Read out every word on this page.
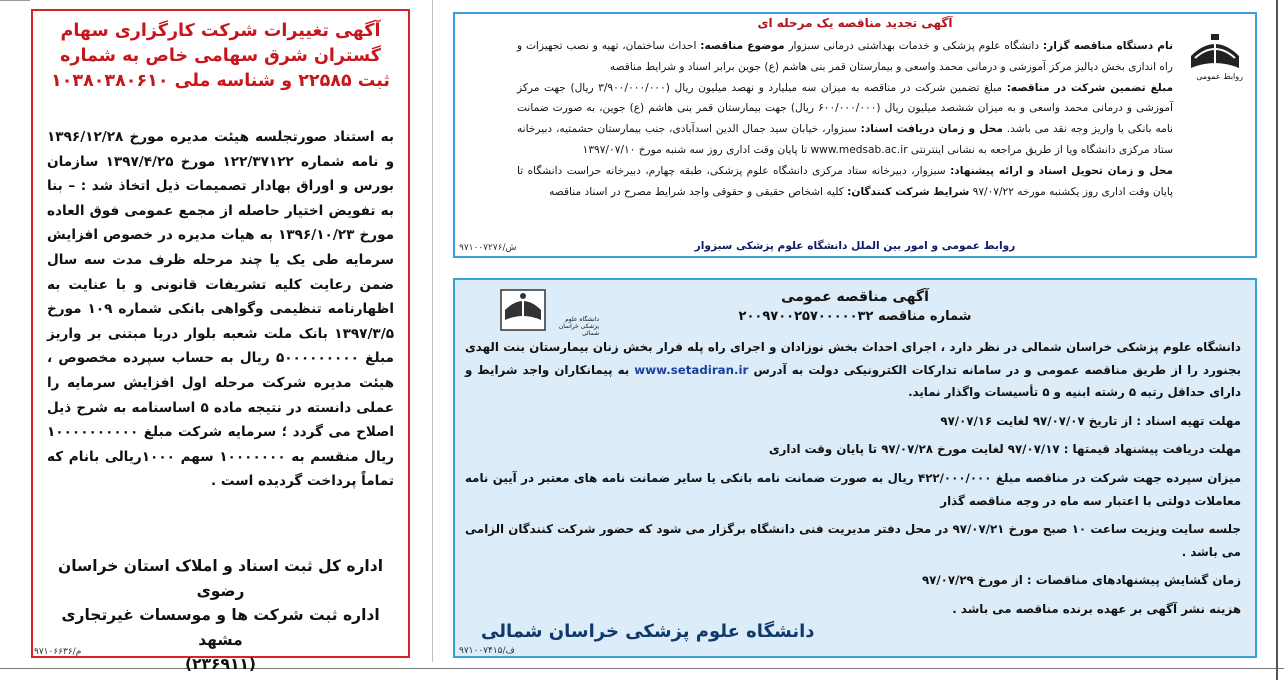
آگهی تغییرات شرکت کارگزاری سهام گستران شرق سهامی خاص به شماره ثبت ۲۲۵۸۵ و شناسه ملی ۱۰۳۸۰۳۸۰۶۱۰
به استناد صورتجلسه هیئت مدیره مورخ ۱۳۹۶/۱۲/۲۸ و نامه شماره ۱۲۲/۳۷۱۲۲ مورخ ۱۳۹۷/۴/۲۵ سازمان بورس و اوراق بهادار تصمیمات ذیل اتخاذ شد : – بنا به تفویض اختیار حاصله از مجمع عمومی فوق العاده مورخ ۱۳۹۶/۱۰/۲۳ به هیات مدیره در خصوص افزایش سرمایه طی یک یا چند مرحله ظرف مدت سه سال ضمن رعایت کلیه تشریفات قانونی و با عنایت به اظهارنامه تنظیمی وگواهی بانکی شماره ۱۰۹ مورخ ۱۳۹۷/۳/۵ بانک ملت شعبه بلوار دریا مبتنی بر واریز مبلغ ۵۰۰۰۰۰۰۰۰۰ ریال به حساب سپرده مخصوص ، هیئت مدیره شرکت مرحله اول افزایش سرمایه را عملی دانسته در نتیجه ماده ۵ اساسنامه به شرح ذیل اصلاح می گردد ؛ سرمایه شرکت مبلغ ۱۰۰۰۰۰۰۰۰۰۰ ریال منقسم به ۱۰۰۰۰۰۰۰ سهم ۱۰۰۰ریالی بانام که تماماً پرداخت گردیده است .
اداره کل ثبت اسناد و املاک استان خراسان رضوی
اداره ثبت شرکت ها و موسسات غیرتجاری مشهد
(۲۳۶۹۱۱)
م/۹۷۱۰۶۶۳۶
آگهی تجدید مناقصه یک مرحله ای
روابط عمومی
نام دستگاه مناقصه گزار: دانشگاه علوم پزشکی و خدمات بهداشتی درمانی سبزوار موضوع مناقصه: احداث ساختمان، تهیه و نصب تجهیزات و راه اندازی بخش دیالیز مرکز آموزشی و درمانی محمد واسعی و بیمارستان قمر بنی هاشم (ع) جوین برابر اسناد و شرایط مناقصه
مبلغ تضمین شرکت در مناقصه: مبلغ تضمین شرکت در مناقصه به میزان سه میلیارد و نهصد میلیون ریال (۳/۹۰۰/۰۰۰/۰۰۰ ریال) جهت مرکز آموزشی و درمانی محمد واسعی و به میزان ششصد میلیون ریال (۶۰۰/۰۰۰/۰۰۰ ریال) جهت بیمارستان قمر بنی هاشم (ع) جوین، به صورت ضمانت نامه بانکی یا واریز وجه نقد می باشد. محل و زمان دریافت اسناد: سبزوار، خیابان سید جمال الدین اسدآبادی، جنب بیمارستان حشمتیه، دبیرخانه ستاد مرکزی دانشگاه ویا از طریق مراجعه به نشانی اینترنتی www.medsab.ac.ir تا پایان وقت اداری روز سه شنبه مورخ ۱۳۹۷/۰۷/۱۰
محل و زمان تحویل اسناد و ارائه پیشنهاد: سبزوار، دبیرخانه ستاد مرکزی دانشگاه علوم پزشکی، طبقه چهارم، دبیرخانه حراست دانشگاه تا پایان وقت اداری روز یکشنبه مورخه ۹۷/۰۷/۲۲ شرایط شرکت کنندگان: کلیه اشخاص حقیقی و حقوقی واجد شرایط مصرح در اسناد مناقصه
روابط عمومی و امور بین الملل دانشگاه علوم پزشکی سبزوار
ش/۹۷۱۰۰۷۲۷۶
دانشگاه علوم پزشکی خراسان شمالی
آگهی مناقصه عمومی
شماره مناقصه ۲۰۰۹۷۰۰۲۵۷۰۰۰۰۰۳۲

دانشگاه علوم پزشکی خراسان شمالی در نظر دارد ، اجرای احداث بخش نوزادان و اجرای راه پله فرار بخش زنان بیمارستان بنت الهدی بجنورد را از طریق مناقصه عمومی و در سامانه تدارکات الکترونیکی دولت به آدرس www.setadiran.ir به پیمانکاران واجد شرایط و دارای حداقل رتبه ۵ رشته ابنیه و ۵ تأسیسات واگذار نماید.

مهلت تهیه اسناد : از تاریخ ۹۷/۰۷/۰۷ لغایت ۹۷/۰۷/۱۶

مهلت دریافت پیشنهاد قیمتها : ۹۷/۰۷/۱۷ لغایت مورخ ۹۷/۰۷/۲۸ تا پایان وقت اداری

میزان سپرده جهت شرکت در مناقصه مبلغ ۴۲۲/۰۰۰/۰۰۰ ریال به صورت ضمانت نامه بانکی یا سایر ضمانت نامه های معتبر در آیین نامه معاملات دولتی با اعتبار سه ماه در وجه مناقصه گذار

جلسه سایت ویزیت ساعت ۱۰ صبح مورخ ۹۷/۰۷/۲۱ در محل دفتر مدیریت فنی دانشگاه برگزار می شود که حضور شرکت کنندگان الزامی می باشد .

زمان گشایش پیشنهادهای مناقصات : از مورخ ۹۷/۰۷/۲۹

هزینه نشر آگهی بر عهده برنده مناقصه می باشد .

دانشگاه علوم پزشکی خراسان شمالی
ف/۹۷۱۰۰۷۴۱۵
